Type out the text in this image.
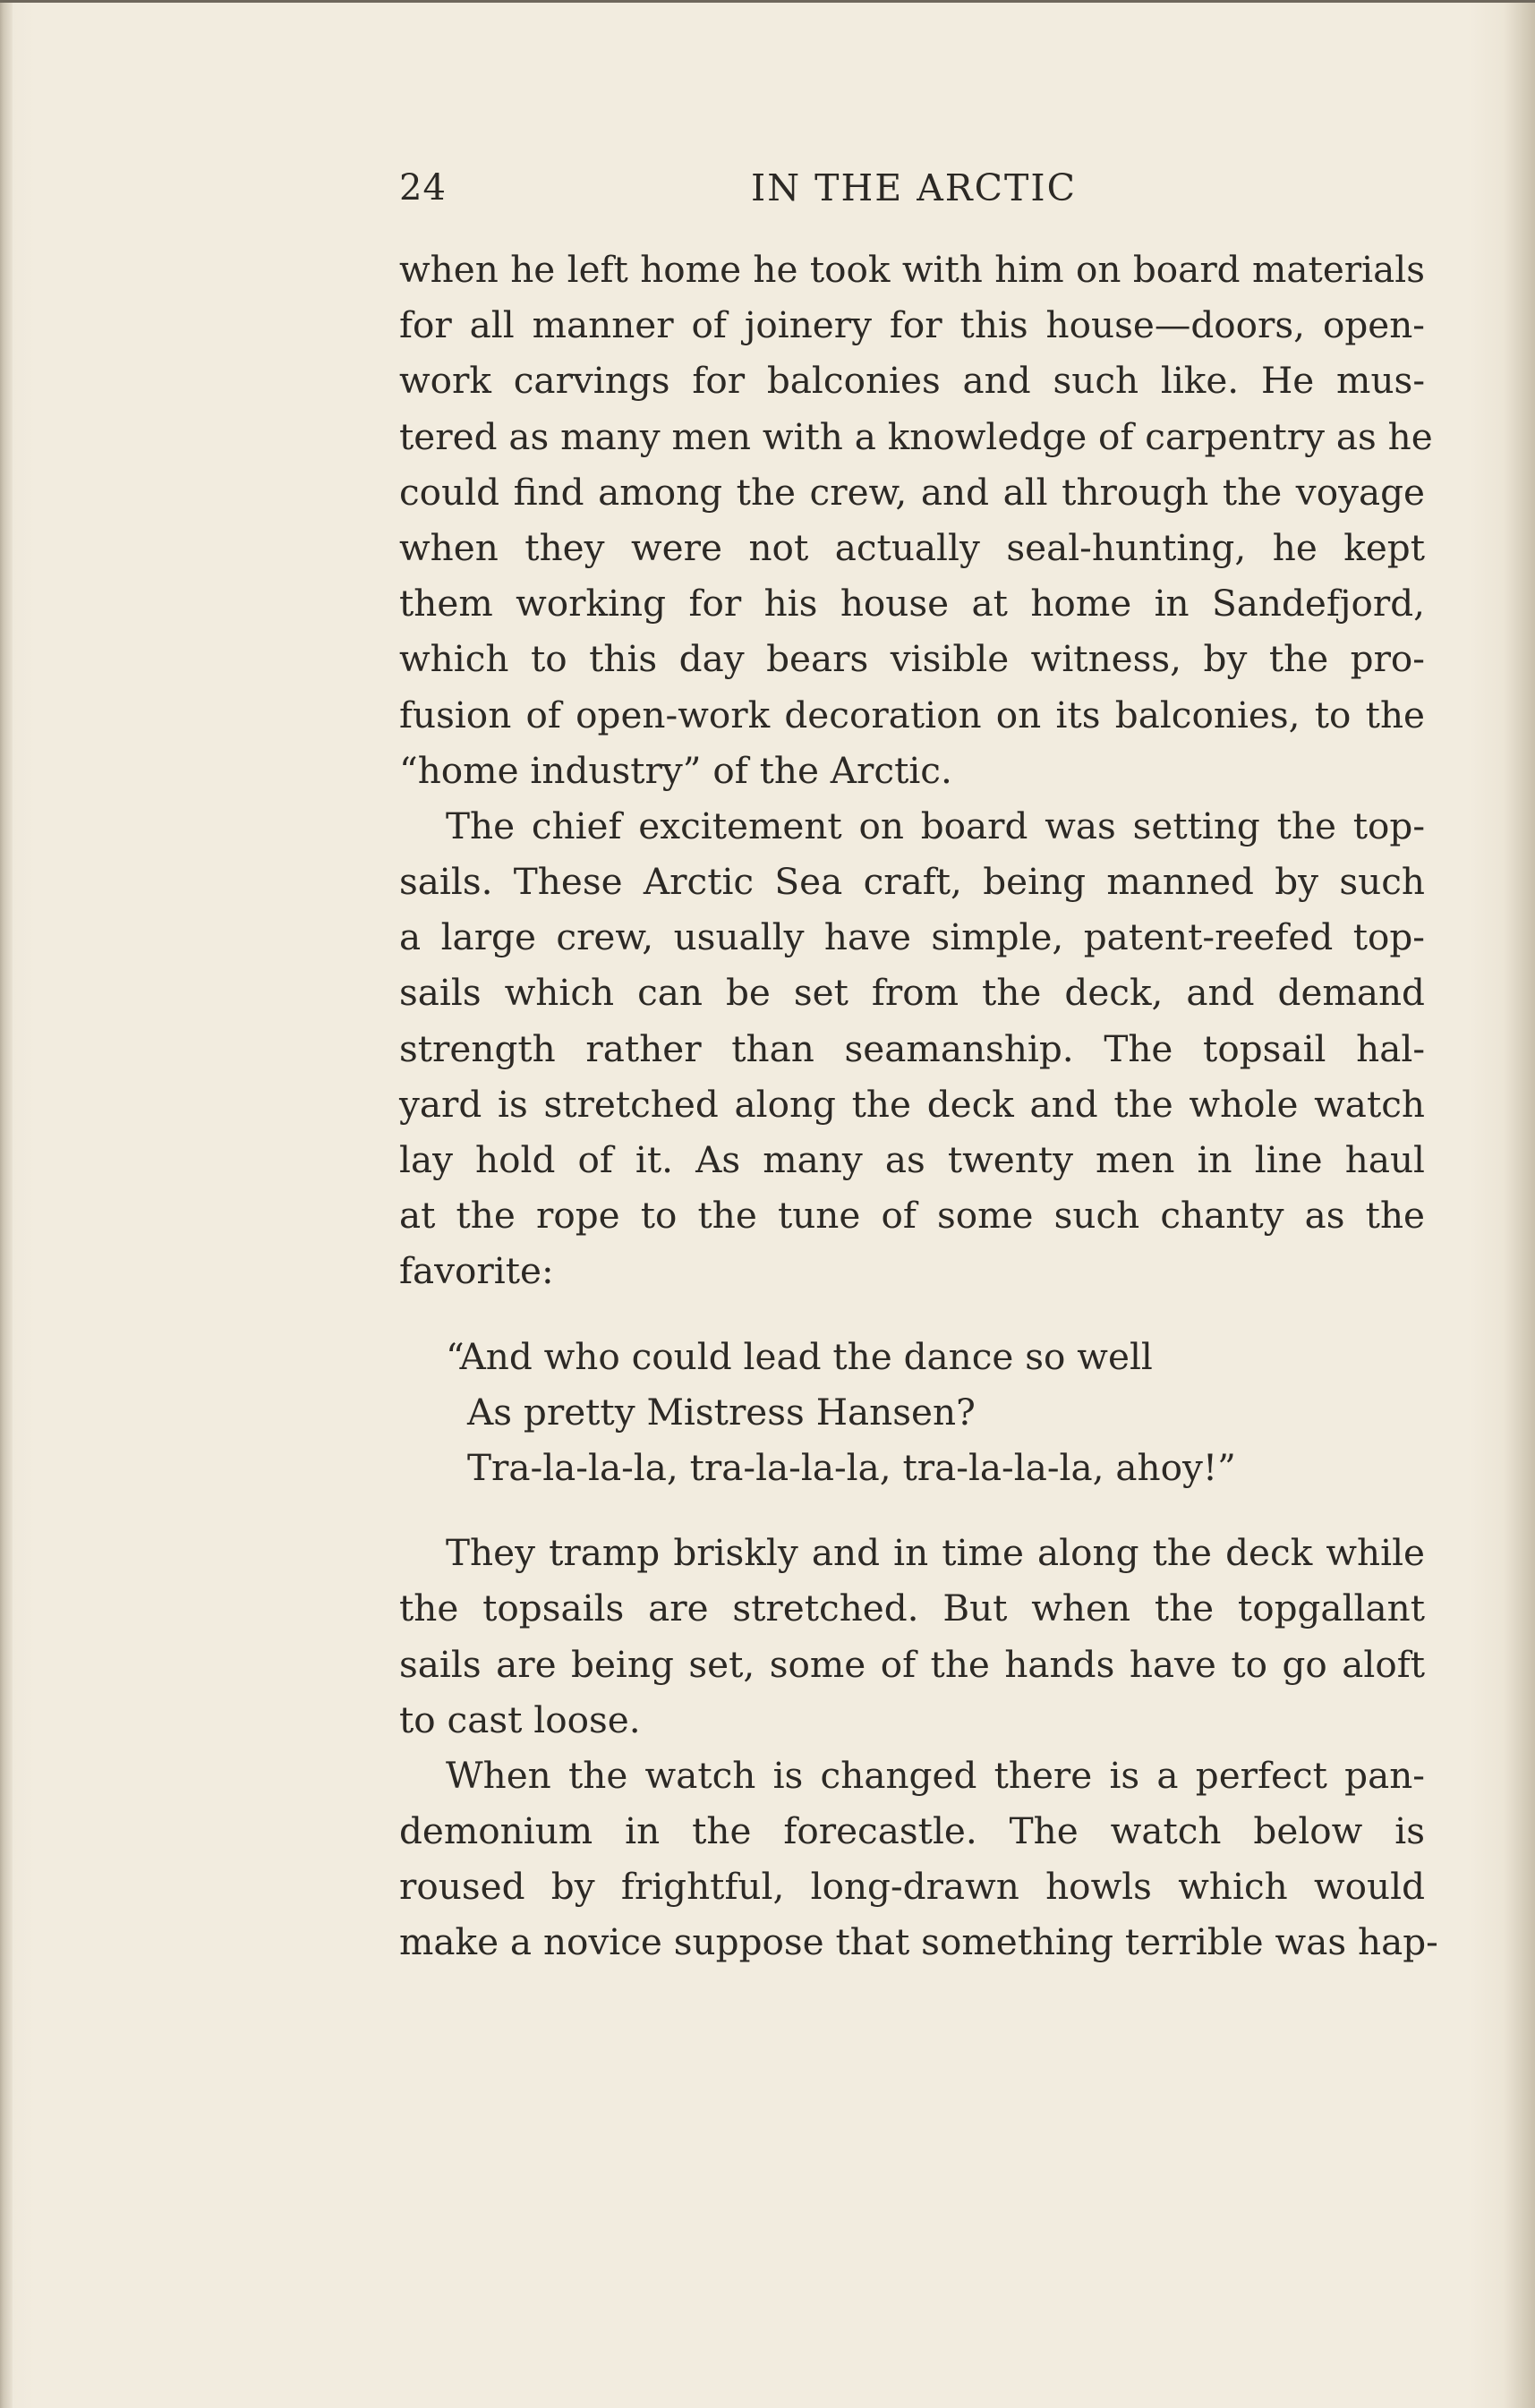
24	IN THE ARCTIC
when he left home he took with him on board materials
for all manner of joinery for this house—doors, open-
work carvings for balconies and such like. He mus-
tered as many men with a knowledge of carpentry as he
could find among the crew, and all through the voyage
when they were not actually seal-hunting, he kept
them working for his house at home in Sandefjord,
which to this day bears visible witness, by the pro-
fusion of open-work decoration on its balconies, to the
“home industry” of the Arctic.
The chief excitement on board was setting the top-
sails. These Arctic Sea craft, being manned by such
a large crew, usually have simple, patent-reefed top-
sails which can be set from the deck, and demand
strength rather than seamanship. The topsail hal-
yard is stretched along the deck and the whole watch
lay hold of it. As many as twenty men in line haul
at the rope to the tune of some such chanty as the
favorite:
“And who could lead the dance so well
As pretty Mistress Hansen?
Tra-la-la-la, tra-la-la-la, tra-la-la-la, ahoy!”
They tramp briskly and in time along the deck while
the topsails are stretched. But when the topgallant
sails are being set, some of the hands have to go aloft
to cast loose.
When the watch is changed there is a perfect pan-
demonium in the forecastle. The watch below is
roused by frightful, long-drawn howls which would
make a novice suppose that something terrible was hap-
